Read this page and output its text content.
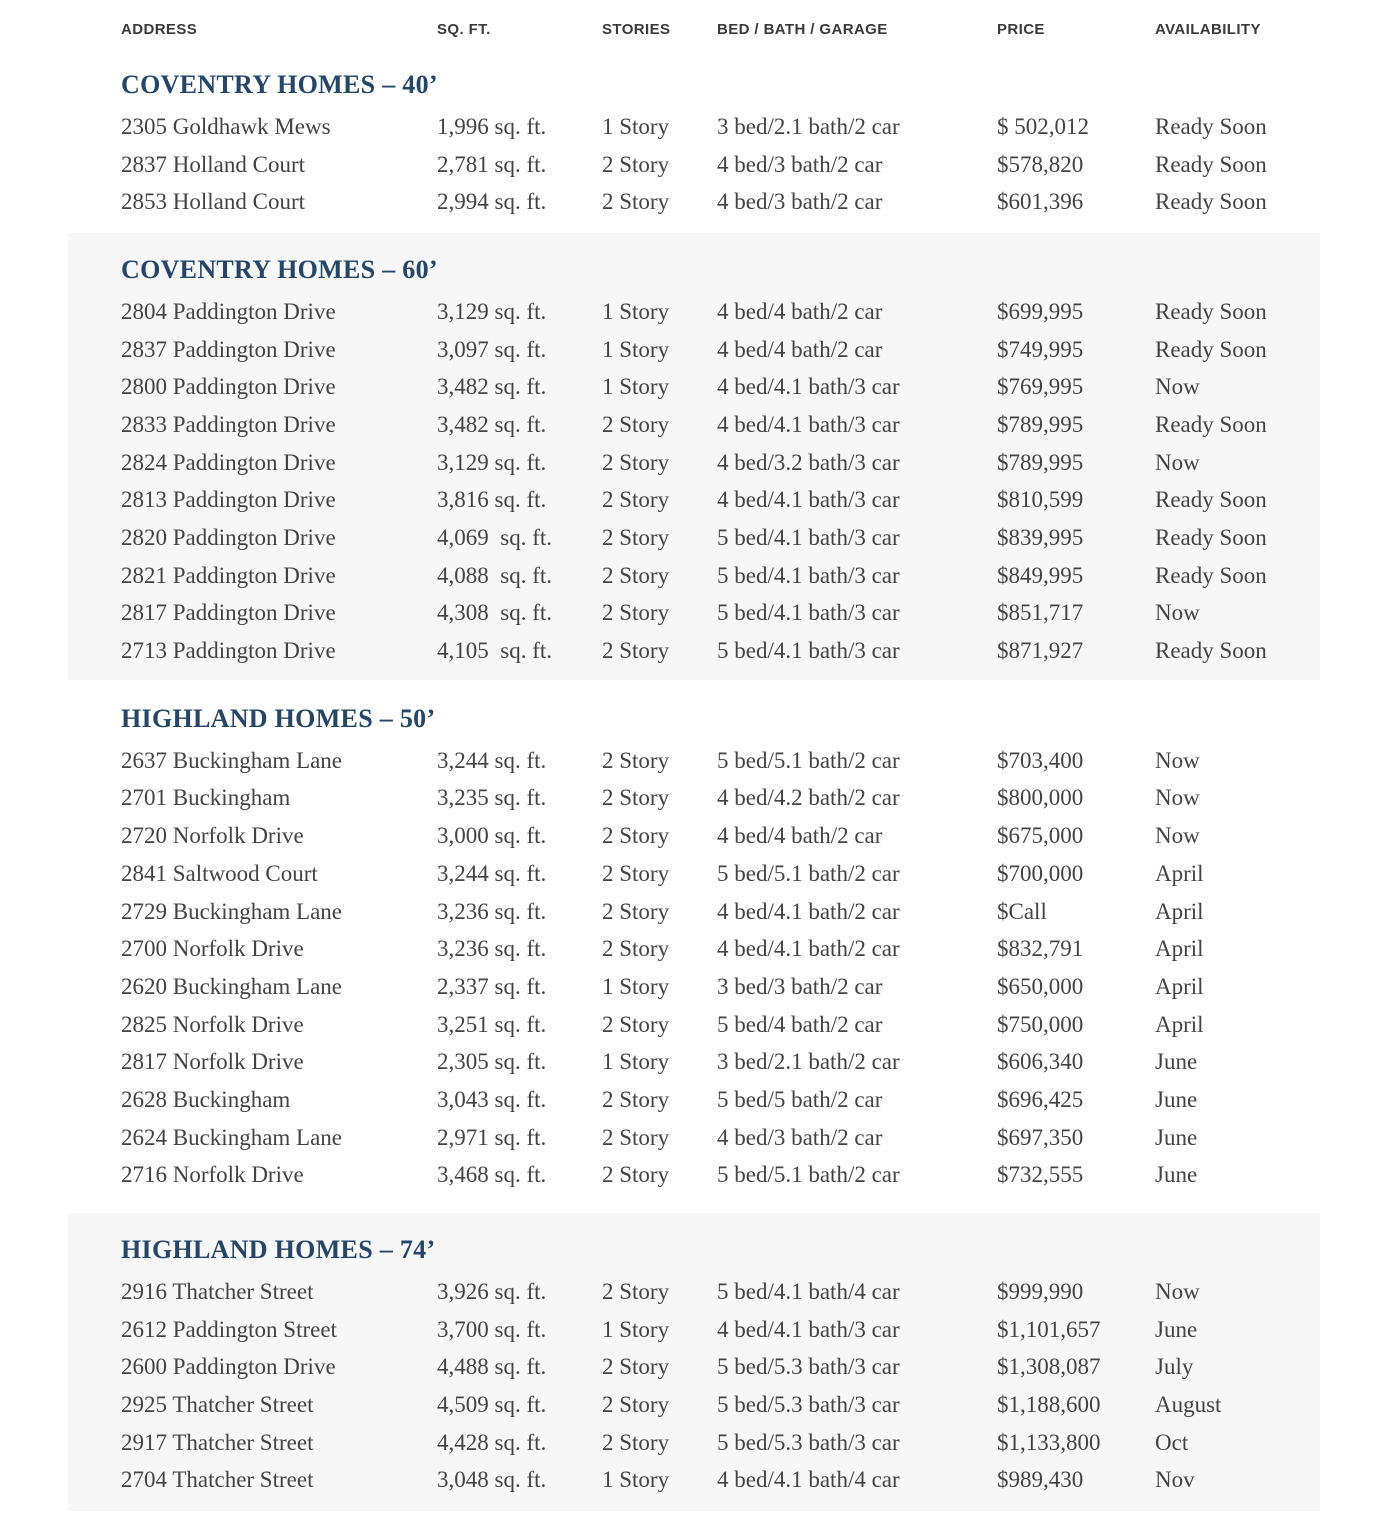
ADDRESS	SQ. FT.	STORIES	BED / BATH / GARAGE	PRICE	AVAILABILITY
COVENTRY HOMES – 40’
2305 Goldhawk Mews	1,996 sq. ft.	1 Story	3 bed/2.1 bath/2 car	$ 502,012	Ready Soon
2837 Holland Court	2,781 sq. ft.	2 Story	4 bed/3 bath/2 car	$578,820	Ready Soon
2853 Holland Court	2,994 sq. ft.	2 Story	4 bed/3 bath/2 car	$601,396	Ready Soon
COVENTRY HOMES – 60’
2804 Paddington Drive	3,129 sq. ft.	1 Story	4 bed/4 bath/2 car	$699,995	Ready Soon
2837 Paddington Drive	3,097 sq. ft.	1 Story	4 bed/4 bath/2 car	$749,995	Ready Soon
2800 Paddington Drive	3,482 sq. ft.	1 Story	4 bed/4.1 bath/3 car	$769,995	Now
2833 Paddington Drive	3,482 sq. ft.	2 Story	4 bed/4.1 bath/3 car	$789,995	Ready Soon
2824 Paddington Drive	3,129 sq. ft.	2 Story	4 bed/3.2 bath/3 car	$789,995	Now
2813 Paddington Drive	3,816 sq. ft.	2 Story	4 bed/4.1 bath/3 car	$810,599	Ready Soon
2820 Paddington Drive	4,069  sq. ft.	2 Story	5 bed/4.1 bath/3 car	$839,995	Ready Soon
2821 Paddington Drive	4,088  sq. ft.	2 Story	5 bed/4.1 bath/3 car	$849,995	Ready Soon
2817 Paddington Drive	4,308  sq. ft.	2 Story	5 bed/4.1 bath/3 car	$851,717	Now
2713 Paddington Drive	4,105  sq. ft.	2 Story	5 bed/4.1 bath/3 car	$871,927	Ready Soon
HIGHLAND HOMES – 50’
2637 Buckingham Lane	3,244 sq. ft.	2 Story	5 bed/5.1 bath/2 car	$703,400	Now
2701 Buckingham	3,235 sq. ft.	2 Story	4 bed/4.2 bath/2 car	$800,000	Now
2720 Norfolk Drive	3,000 sq. ft.	2 Story	4 bed/4 bath/2 car	$675,000	Now
2841 Saltwood Court	3,244 sq. ft.	2 Story	5 bed/5.1 bath/2 car	$700,000	April
2729 Buckingham Lane	3,236 sq. ft.	2 Story	4 bed/4.1 bath/2 car	$Call	April
2700 Norfolk Drive	3,236 sq. ft.	2 Story	4 bed/4.1 bath/2 car	$832,791	April
2620 Buckingham Lane	2,337 sq. ft.	1 Story	3 bed/3 bath/2 car	$650,000	April
2825 Norfolk Drive	3,251 sq. ft.	2 Story	5 bed/4 bath/2 car	$750,000	April
2817 Norfolk Drive	2,305 sq. ft.	1 Story	3 bed/2.1 bath/2 car	$606,340	June
2628 Buckingham	3,043 sq. ft.	2 Story	5 bed/5 bath/2 car	$696,425	June
2624 Buckingham Lane	2,971 sq. ft.	2 Story	4 bed/3 bath/2 car	$697,350	June
2716 Norfolk Drive	3,468 sq. ft.	2 Story	5 bed/5.1 bath/2 car	$732,555	June
HIGHLAND HOMES – 74’
2916 Thatcher Street	3,926 sq. ft.	2 Story	5 bed/4.1 bath/4 car	$999,990	Now
2612 Paddington Street	3,700 sq. ft.	1 Story	4 bed/4.1 bath/3 car	$1,101,657	June
2600 Paddington Drive	4,488 sq. ft.	2 Story	5 bed/5.3 bath/3 car	$1,308,087	July
2925 Thatcher Street	4,509 sq. ft.	2 Story	5 bed/5.3 bath/3 car	$1,188,600	August
2917 Thatcher Street	4,428 sq. ft.	2 Story	5 bed/5.3 bath/3 car	$1,133,800	Oct
2704 Thatcher Street	3,048 sq. ft.	1 Story	4 bed/4.1 bath/4 car	$989,430	Nov
